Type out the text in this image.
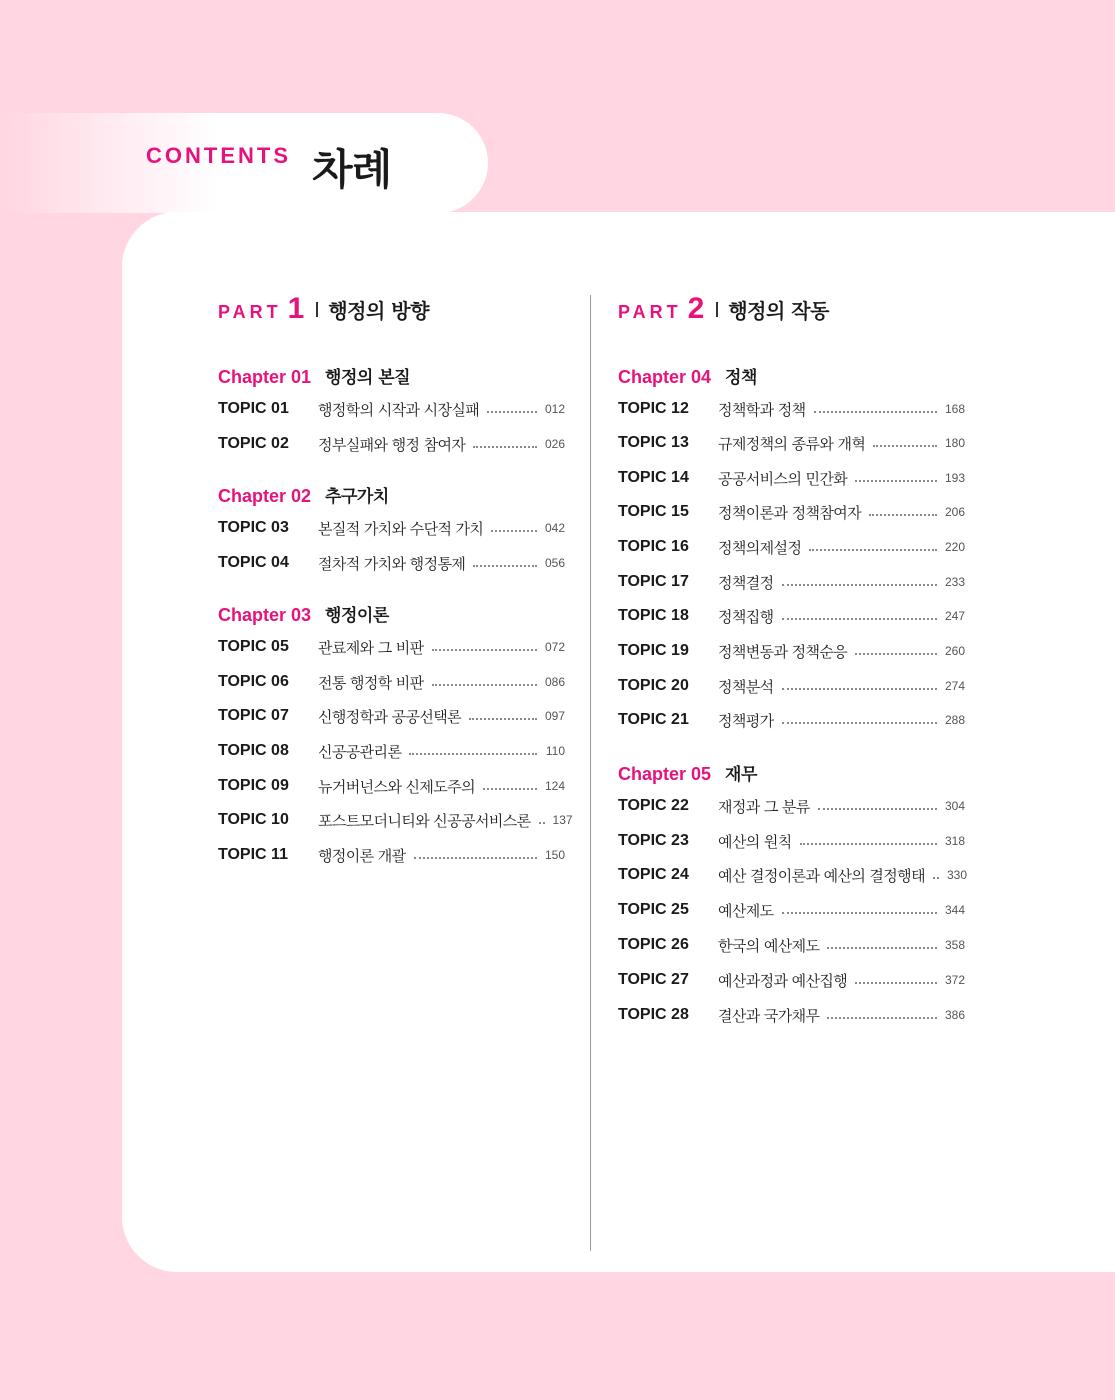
CONTENTS 차례
PART 1 행정의 방향
Chapter 01 행정의 본질
TOPIC 01	행정학의 시작과 시장실패	012
TOPIC 02	정부실패와 행정 참여자	026
Chapter 02 추구가치
TOPIC 03	본질적 가치와 수단적 가치	042
TOPIC 04	절차적 가치와 행정통제	056
Chapter 03 행정이론
TOPIC 05	관료제와 그 비판	072
TOPIC 06	전통 행정학 비판	086
TOPIC 07	신행정학과 공공선택론	097
TOPIC 08	신공공관리론	110
TOPIC 09	뉴거버넌스와 신제도주의	124
TOPIC 10	포스트모더니티와 신공공서비스론 137
TOPIC 11	행정이론 개괄	150
PART 2 행정의 작동
Chapter 04 정책
TOPIC 12	정책학과 정책	168
TOPIC 13	규제정책의 종류와 개혁	180
TOPIC 14	공공서비스의 민간화	193
TOPIC 15	정책이론과 정책참여자	206
TOPIC 16	정책의제설정	220
TOPIC 17	정책결정	233
TOPIC 18	정책집행	247
TOPIC 19	정책변동과 정책순응	260
TOPIC 20	정책분석	274
TOPIC 21	정책평가	288
Chapter 05 재무
TOPIC 22	재정과 그 분류	304
TOPIC 23	예산의 원칙	318
TOPIC 24	예산 결정이론과 예산의 결정행태 330
TOPIC 25	예산제도	344
TOPIC 26	한국의 예산제도	358
TOPIC 27	예산과정과 예산집행	372
TOPIC 28	결산과 국가채무	386
